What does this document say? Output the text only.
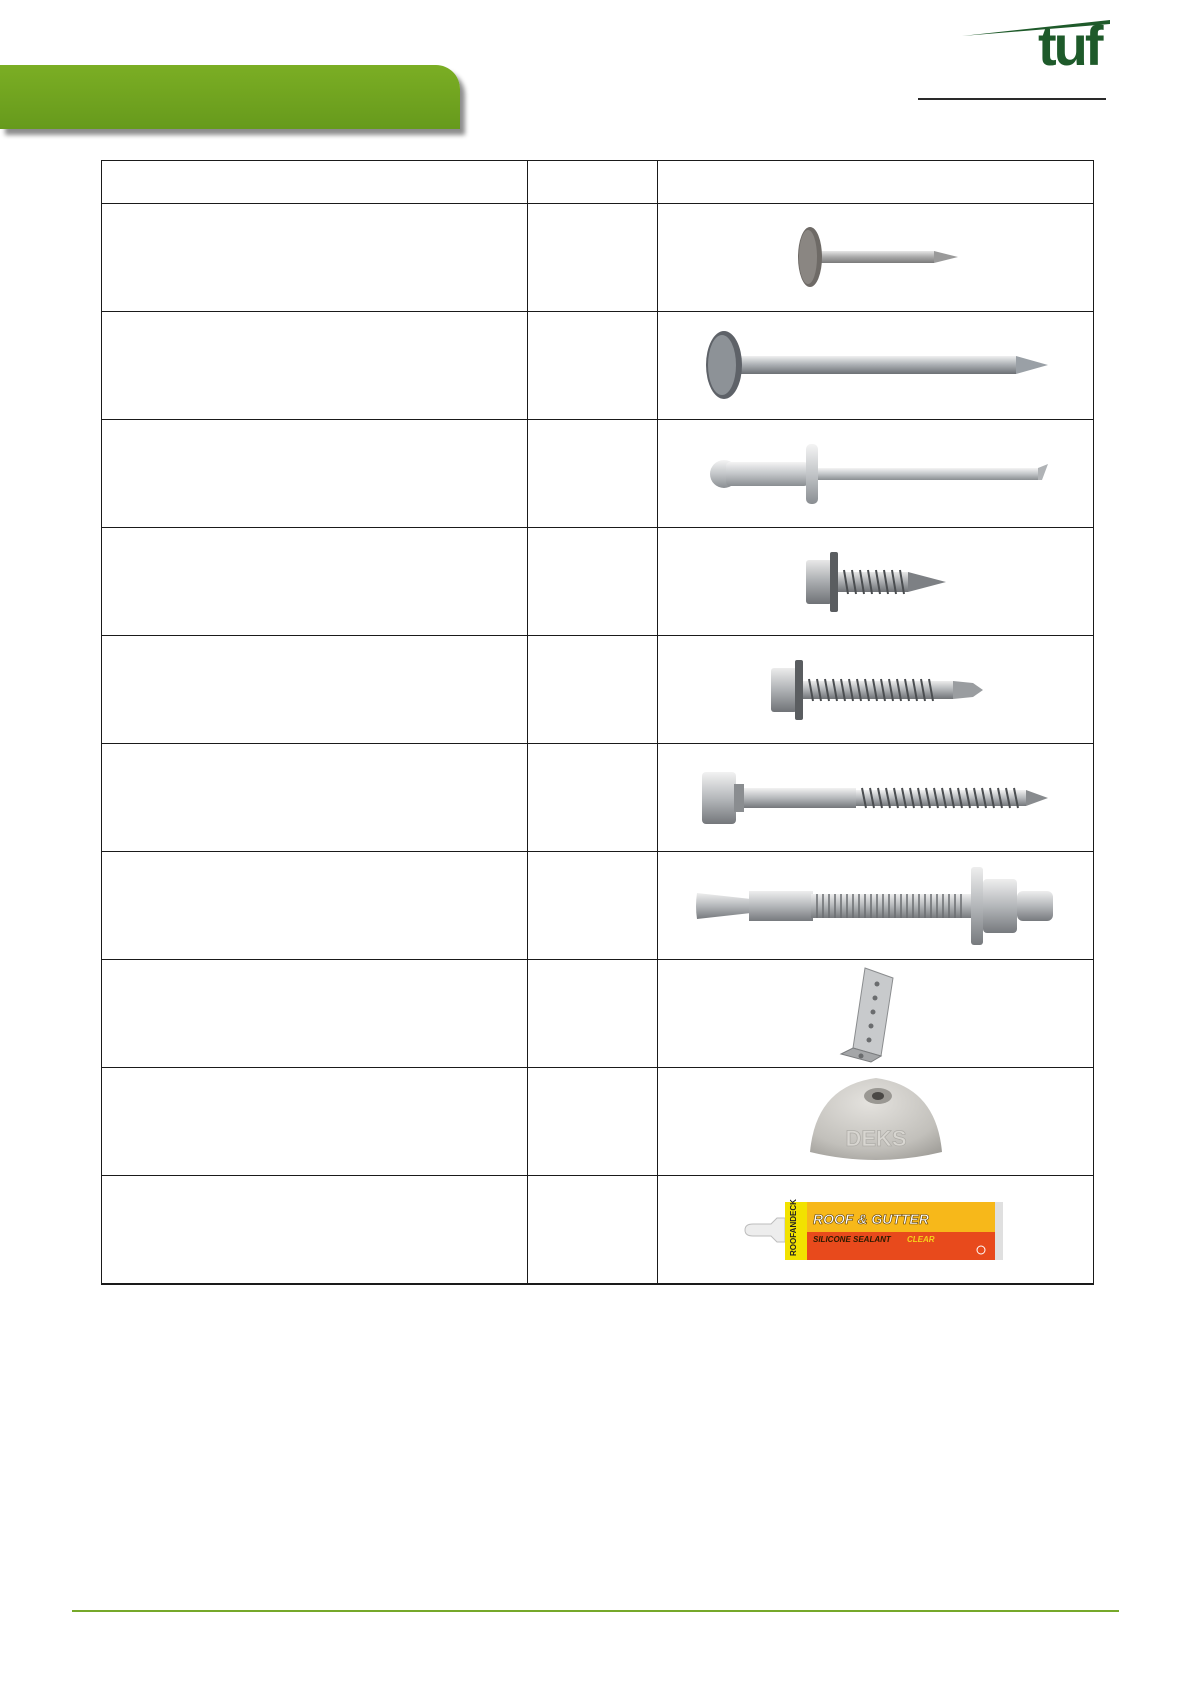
tuf

DEKS

ROOFANDECK ROOF & GUTTER
SILICONE SEALANT CLEAR
